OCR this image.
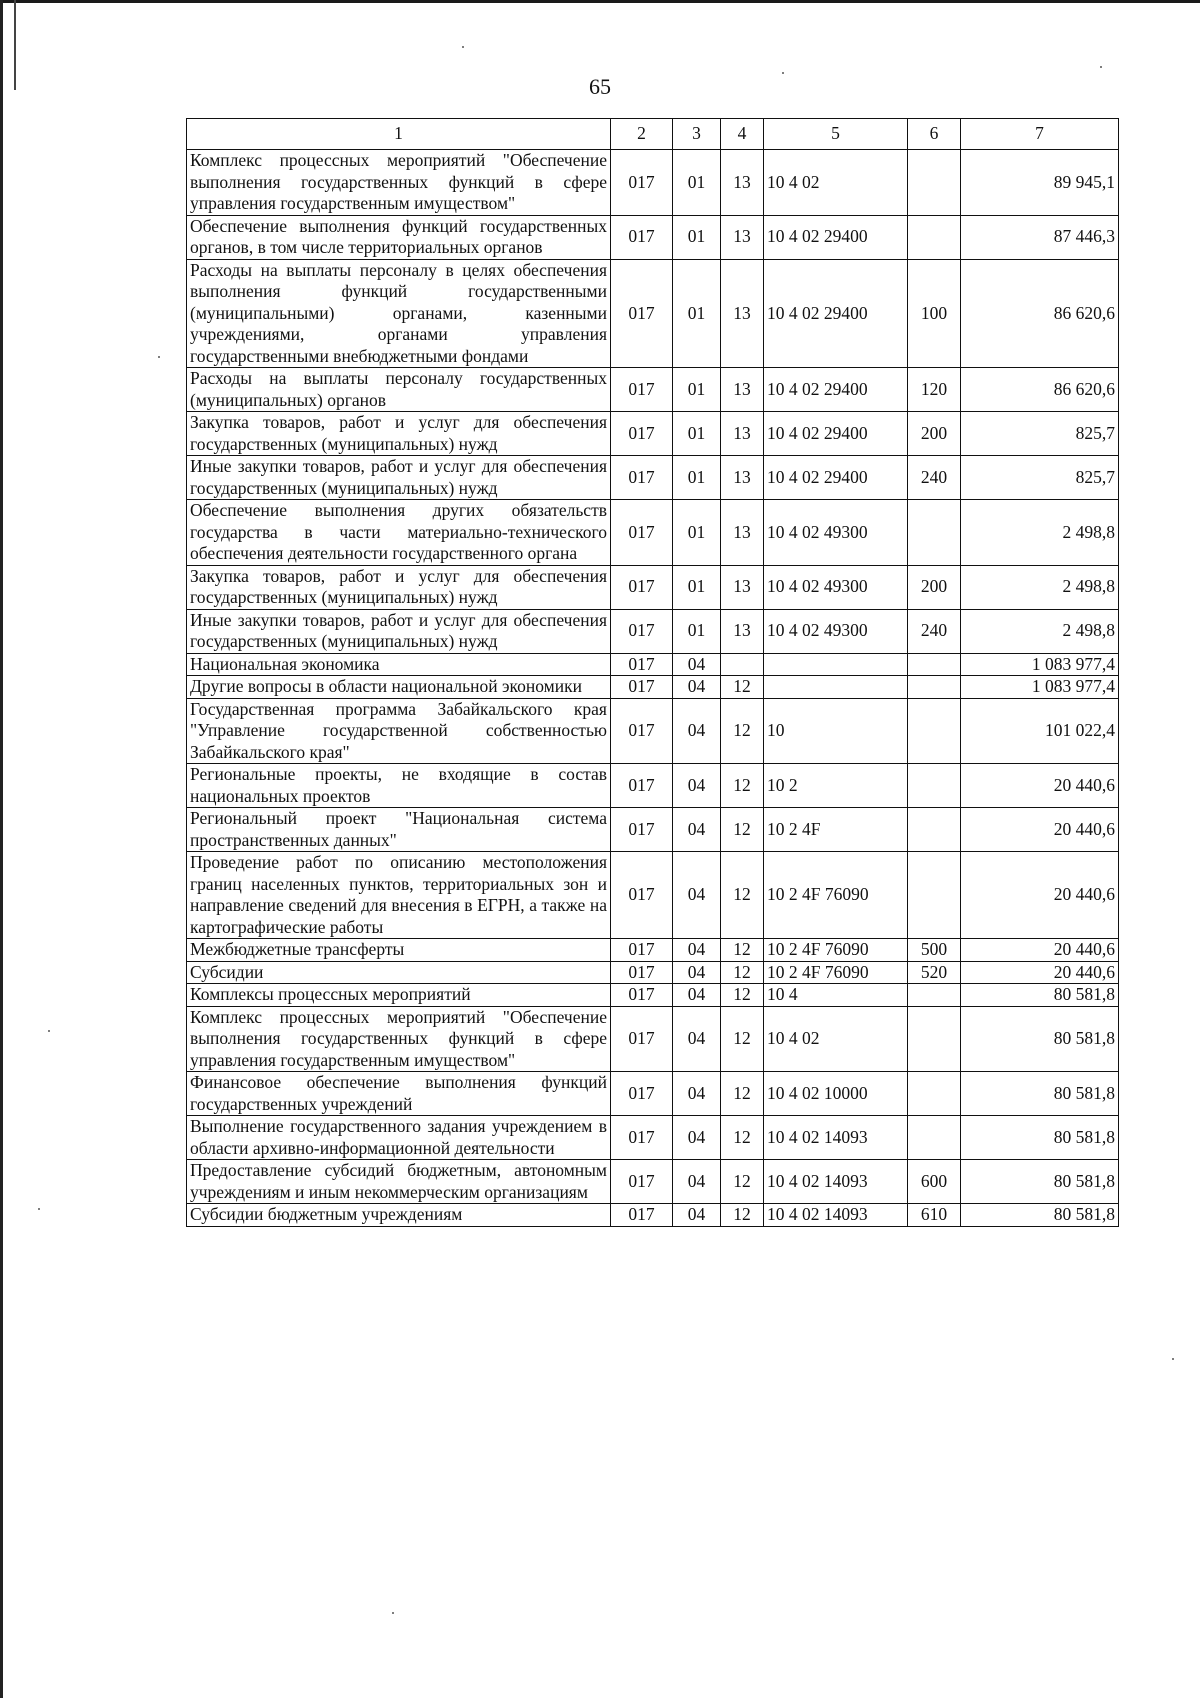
65
1	2	3	4	5	6	7
Комплекс процессных мероприятий "Обеспечение выполнения государственных функций в сфере управления государственным имуществом"	017	01	13	10 4 02		89 945,1
Обеспечение выполнения функций государственных органов, в том числе территориальных органов	017	01	13	10 4 02 29400		87 446,3
Расходы на выплаты персоналу в целях обеспечения выполнения функций государственными (муниципальными) органами, казенными учреждениями, органами управления государственными внебюджетными фондами	017	01	13	10 4 02 29400	100	86 620,6
Расходы на выплаты персоналу государственных (муниципальных) органов	017	01	13	10 4 02 29400	120	86 620,6
Закупка товаров, работ и услуг для обеспечения государственных (муниципальных) нужд	017	01	13	10 4 02 29400	200	825,7
Иные закупки товаров, работ и услуг для обеспечения государственных (муниципальных) нужд	017	01	13	10 4 02 29400	240	825,7
Обеспечение выполнения других обязательств государства в части материально-технического обеспечения деятельности государственного органа	017	01	13	10 4 02 49300		2 498,8
Закупка товаров, работ и услуг для обеспечения государственных (муниципальных) нужд	017	01	13	10 4 02 49300	200	2 498,8
Иные закупки товаров, работ и услуг для обеспечения государственных (муниципальных) нужд	017	01	13	10 4 02 49300	240	2 498,8
Национальная экономика	017	04				1 083 977,4
Другие вопросы в области национальной экономики	017	04	12			1 083 977,4
Государственная программа Забайкальского края "Управление государственной собственностью Забайкальского края"	017	04	12	10		101 022,4
Региональные проекты, не входящие в состав национальных проектов	017	04	12	10 2		20 440,6
Региональный проект "Национальная система пространственных данных"	017	04	12	10 2 4F		20 440,6
Проведение работ по описанию местоположения границ населенных пунктов, территориальных зон и направление сведений для внесения в ЕГРН, а также на картографические работы	017	04	12	10 2 4F 76090		20 440,6
Межбюджетные трансферты	017	04	12	10 2 4F 76090	500	20 440,6
Субсидии	017	04	12	10 2 4F 76090	520	20 440,6
Комплексы процессных мероприятий	017	04	12	10 4		80 581,8
Комплекс процессных мероприятий "Обеспечение выполнения государственных функций в сфере управления государственным имуществом"	017	04	12	10 4 02		80 581,8
Финансовое обеспечение выполнения функций государственных учреждений	017	04	12	10 4 02 10000		80 581,8
Выполнение государственного задания учреждением в области архивно-информационной деятельности	017	04	12	10 4 02 14093		80 581,8
Предоставление субсидий бюджетным, автономным учреждениям и иным некоммерческим организациям	017	04	12	10 4 02 14093	600	80 581,8
Субсидии бюджетным учреждениям	017	04	12	10 4 02 14093	610	80 581,8
